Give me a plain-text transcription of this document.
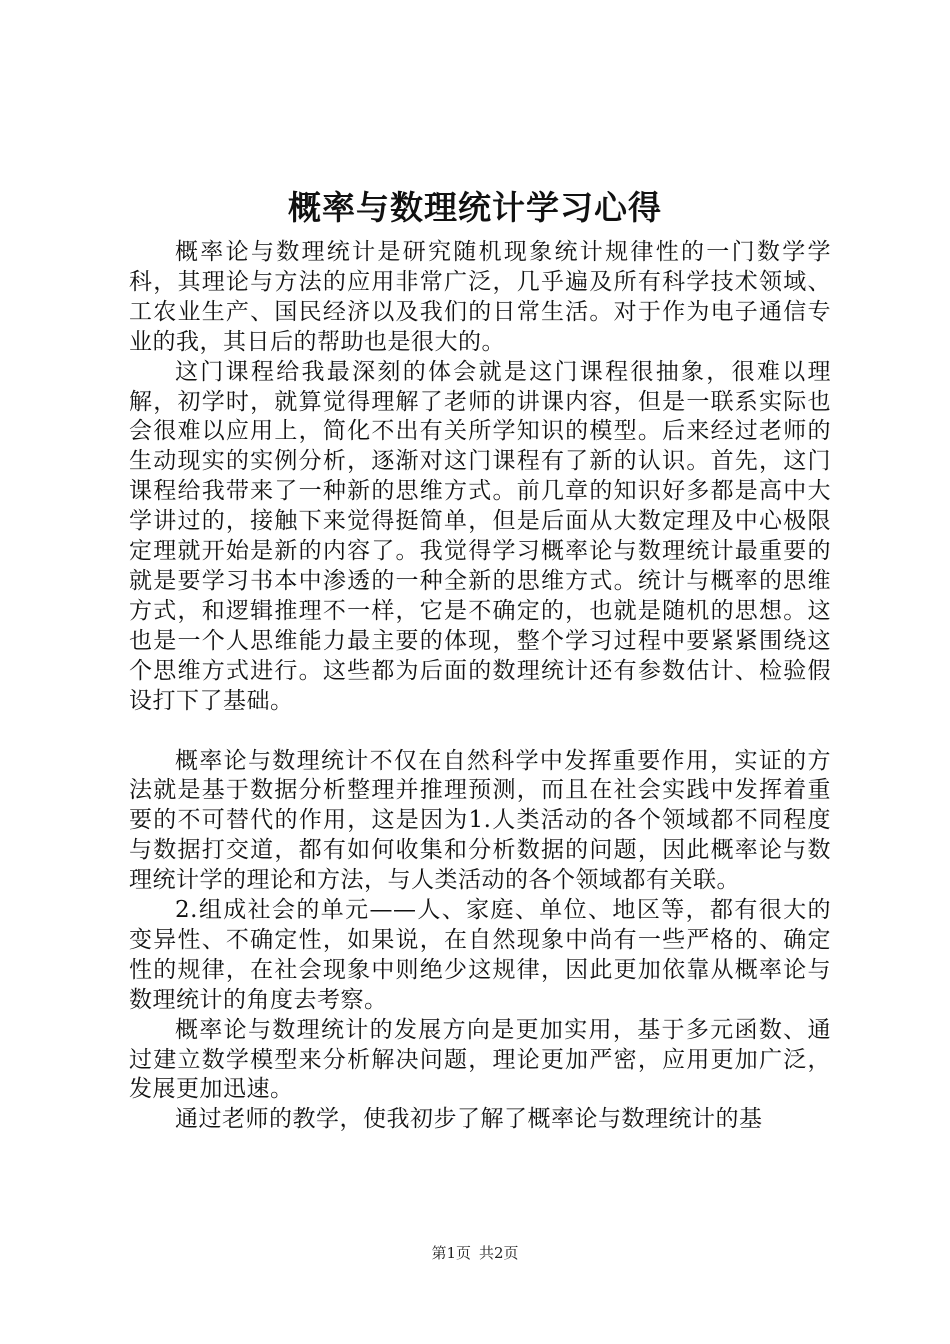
概率与数理统计学习心得

概率论与数理统计是研究随机现象统计规律性的一门数学学科，其理论与方法的应用非常广泛，几乎遍及所有科学技术领域、工农业生产、国民经济以及我们的日常生活。对于作为电子通信专业的我，其日后的帮助也是很大的。

这门课程给我最深刻的体会就是这门课程很抽象，很难以理解，初学时，就算觉得理解了老师的讲课内容，但是一联系实际也会很难以应用上，简化不出有关所学知识的模型。后来经过老师的生动现实的实例分析，逐渐对这门课程有了新的认识。首先，这门课程给我带来了一种新的思维方式。前几章的知识好多都是高中大学讲过的，接触下来觉得挺简单，但是后面从大数定理及中心极限定理就开始是新的内容了。我觉得学习概率论与数理统计最重要的就是要学习书本中渗透的一种全新的思维方式。统计与概率的思维方式，和逻辑推理不一样，它是不确定的，也就是随机的思想。这也是一个人思维能力最主要的体现，整个学习过程中要紧紧围绕这个思维方式进行。这些都为后面的数理统计还有参数估计、检验假设打下了基础。

概率论与数理统计不仅在自然科学中发挥重要作用，实证的方法就是基于数据分析整理并推理预测，而且在社会实践中发挥着重要的不可替代的作用，这是因为1.人类活动的各个领域都不同程度与数据打交道，都有如何收集和分析数据的问题，因此概率论与数理统计学的理论和方法，与人类活动的各个领域都有关联。

2.组成社会的单元——人、家庭、单位、地区等，都有很大的变异性、不确定性，如果说，在自然现象中尚有一些严格的、确定性的规律，在社会现象中则绝少这规律，因此更加依靠从概率论与数理统计的角度去考察。

概率论与数理统计的发展方向是更加实用，基于多元函数、通过建立数学模型来分析解决问题，理论更加严密，应用更加广泛，发展更加迅速。

通过老师的教学，使我初步了解了概率论与数理统计的基

第1页 共2页
